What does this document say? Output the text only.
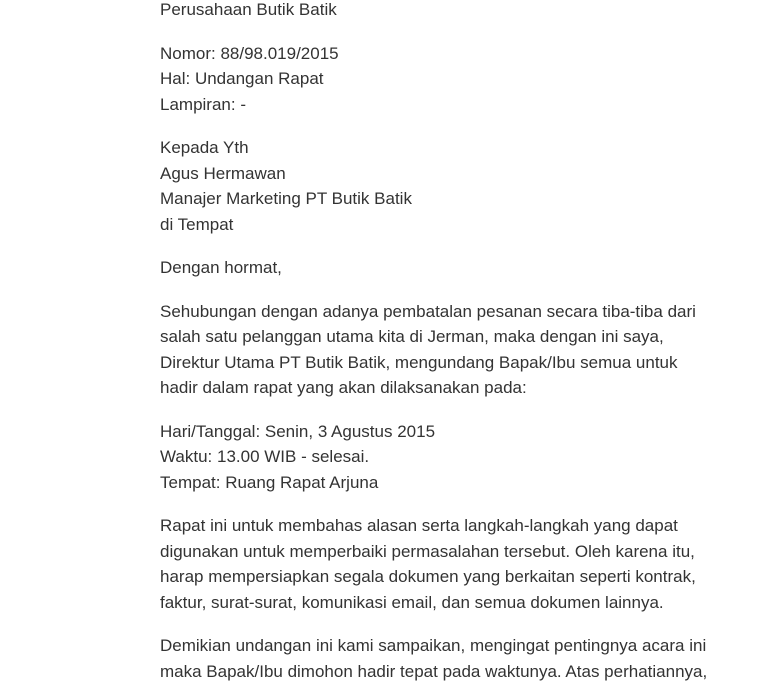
Perusahaan Butik Batik
Nomor: 88/98.019/2015
Hal: Undangan Rapat
Lampiran: -
Kepada Yth
Agus Hermawan
Manajer Marketing PT Butik Batik
di Tempat
Dengan hormat,
Sehubungan dengan adanya pembatalan pesanan secara tiba-tiba dari
salah satu pelanggan utama kita di Jerman, maka dengan ini saya,
Direktur Utama PT Butik Batik, mengundang Bapak/Ibu semua untuk
hadir dalam rapat yang akan dilaksanakan pada:
Hari/Tanggal: Senin, 3 Agustus 2015
Waktu: 13.00 WIB - selesai.
Tempat: Ruang Rapat Arjuna
Rapat ini untuk membahas alasan serta langkah-langkah yang dapat
digunakan untuk memperbaiki permasalahan tersebut. Oleh karena itu,
harap mempersiapkan segala dokumen yang berkaitan seperti kontrak,
faktur, surat-surat, komunikasi email, dan semua dokumen lainnya.
Demikian undangan ini kami sampaikan, mengingat pentingnya acara ini
maka Bapak/Ibu dimohon hadir tepat pada waktunya. Atas perhatiannya,
